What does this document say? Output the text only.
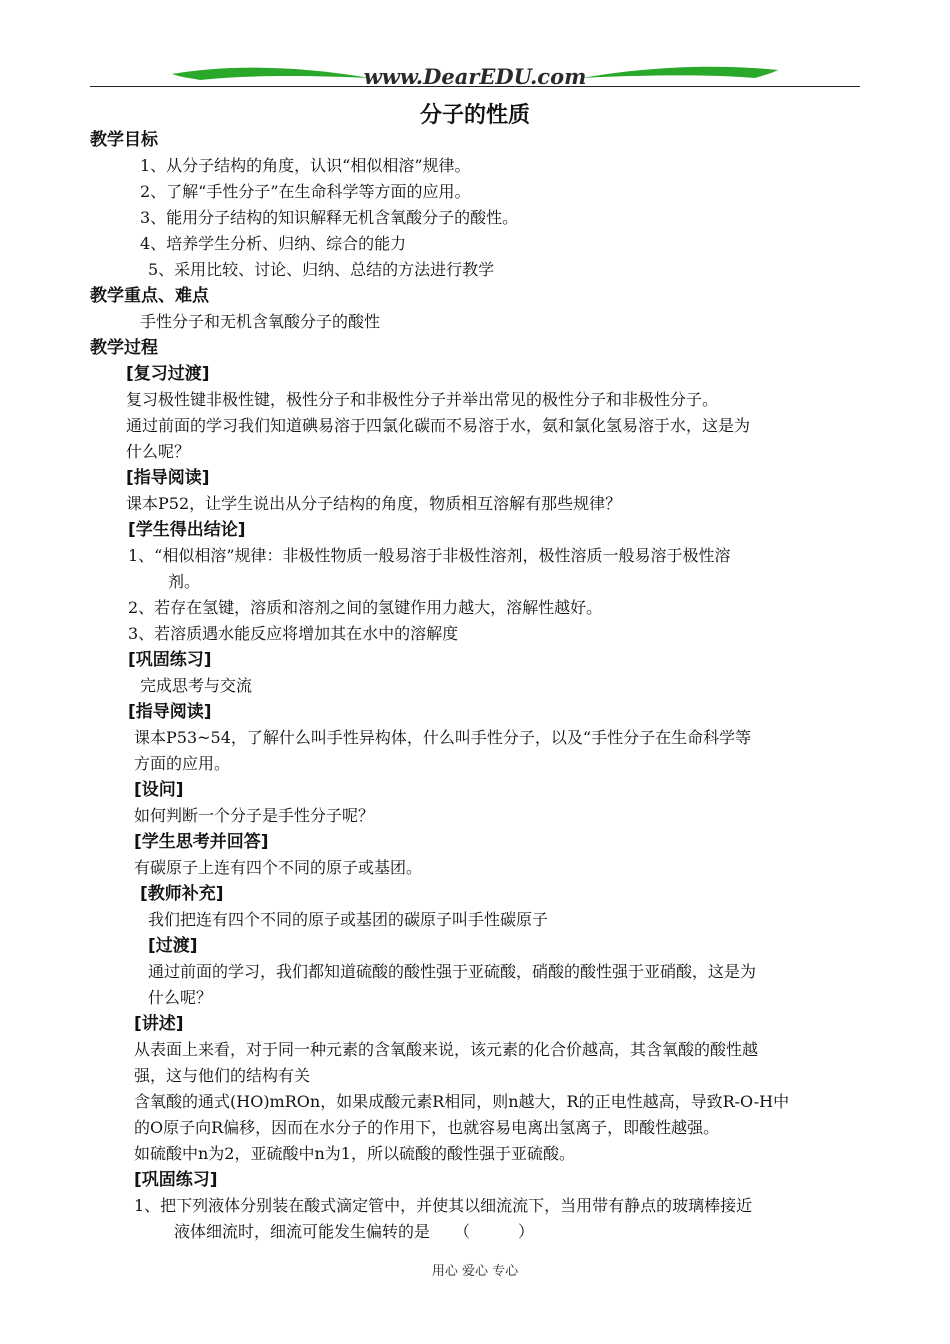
www.DearEDU.com
分子的性质
教学目标
1、从分子结构的角度，认识“相似相溶”规律。
2、了解“手性分子”在生命科学等方面的应用。
3、能用分子结构的知识解释无机含氧酸分子的酸性。
4、培养学生分析、归纳、综合的能力
5、采用比较、讨论、归纳、总结的方法进行教学
教学重点、难点
手性分子和无机含氧酸分子的酸性
教学过程
[复习过渡]
复习极性键非极性键，极性分子和非极性分子并举出常见的极性分子和非极性分子。
通过前面的学习我们知道碘易溶于四氯化碳而不易溶于水，氨和氯化氢易溶于水，这是为
什么呢？
[指导阅读]
课本P52，让学生说出从分子结构的角度，物质相互溶解有那些规律？
[学生得出结论]
1、“相似相溶”规律：非极性物质一般易溶于非极性溶剂，极性溶质一般易溶于极性溶
剂。
2、若存在氢键，溶质和溶剂之间的氢键作用力越大，溶解性越好。
3、若溶质遇水能反应将增加其在水中的溶解度
[巩固练习]
完成思考与交流
[指导阅读]
课本P53~54，了解什么叫手性异构体，什么叫手性分子，以及“手性分子在生命科学等
方面的应用。
[设问]
如何判断一个分子是手性分子呢？
[学生思考并回答]
有碳原子上连有四个不同的原子或基团。
[教师补充]
我们把连有四个不同的原子或基团的碳原子叫手性碳原子
[过渡]
通过前面的学习，我们都知道硫酸的酸性强于亚硫酸，硝酸的酸性强于亚硝酸，这是为
什么呢？
[讲述]
从表面上来看，对于同一种元素的含氧酸来说，该元素的化合价越高，其含氧酸的酸性越
强，这与他们的结构有关
含氧酸的通式(HO)mROn，如果成酸元素R相同，则n越大，R的正电性越高，导致R-O-H中
的O原子向R偏移，因而在水分子的作用下，也就容易电离出氢离子，即酸性越强。
如硫酸中n为2，亚硫酸中n为1，所以硫酸的酸性强于亚硫酸。
[巩固练习]
1、把下列液体分别装在酸式滴定管中，并使其以细流流下，当用带有静点的玻璃棒接近
液体细流时，细流可能发生偏转的是　　（　　　）
用心 爱心 专心
